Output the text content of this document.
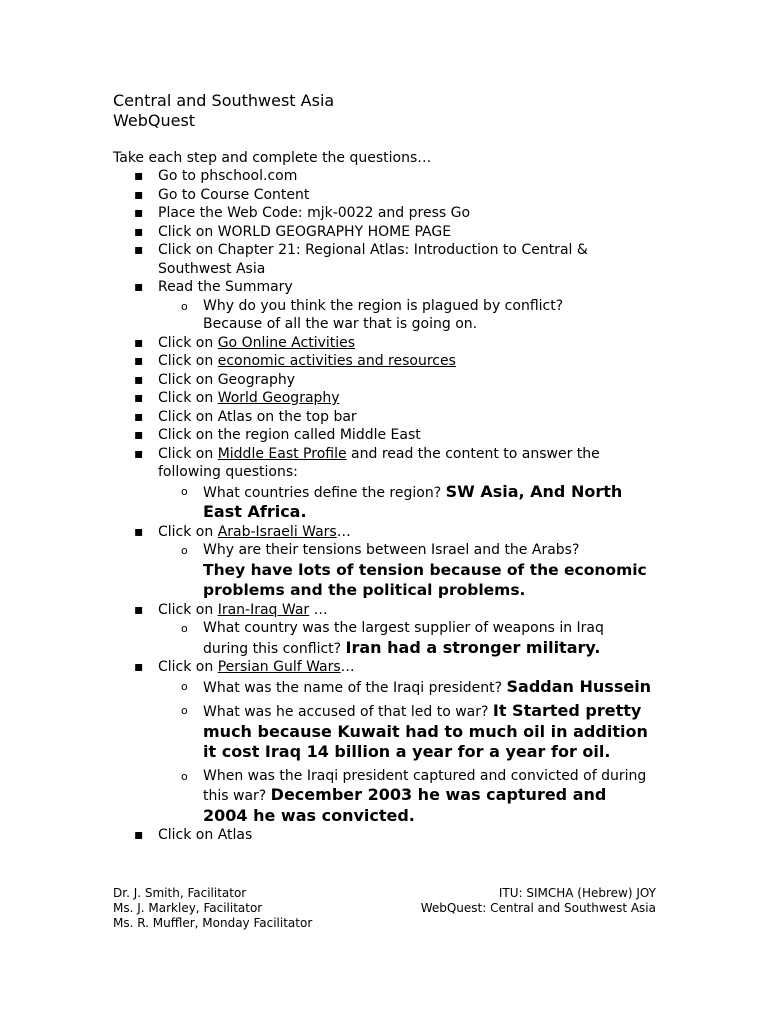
Central and Southwest Asia
WebQuest
Take each step and complete the questions…
▪ Go to phschool.com
▪ Go to Course Content
▪ Place the Web Code: mjk-0022 and press Go
▪ Click on WORLD GEOGRAPHY HOME PAGE
▪ Click on Chapter 21: Regional Atlas: Introduction to Central & Southwest Asia
▪ Read the Summary
o Why do you think the region is plagued by conflict?
Because of all the war that is going on.
▪ Click on Go Online Activities
▪ Click on economic activities and resources
▪ Click on Geography
▪ Click on World Geography
▪ Click on Atlas on the top bar
▪ Click on the region called Middle East
▪ Click on Middle East Profile and read the content to answer the following questions:
o What countries define the region? SW Asia, And North East Africa.
▪ Click on Arab-Israeli Wars…
o Why are their tensions between Israel and the Arabs?
They have lots of tension because of the economic problems and the political problems.
▪ Click on Iran-Iraq War …
o What country was the largest supplier of weapons in Iraq during this conflict? Iran had a stronger military.
▪ Click on Persian Gulf Wars…
o What was the name of the Iraqi president? Saddan Hussein
o What was he accused of that led to war? It Started pretty much because Kuwait had to much oil in addition it cost Iraq 14 billion a year for a year for oil.
o When was the Iraqi president captured and convicted of during this war? December 2003 he was captured and 2004 he was convicted.
▪ Click on Atlas
Dr. J. Smith, Facilitator
Ms. J. Markley, Facilitator
Ms. R. Muffler, Monday Facilitator
ITU: SIMCHA (Hebrew) JOY
WebQuest: Central and Southwest Asia
